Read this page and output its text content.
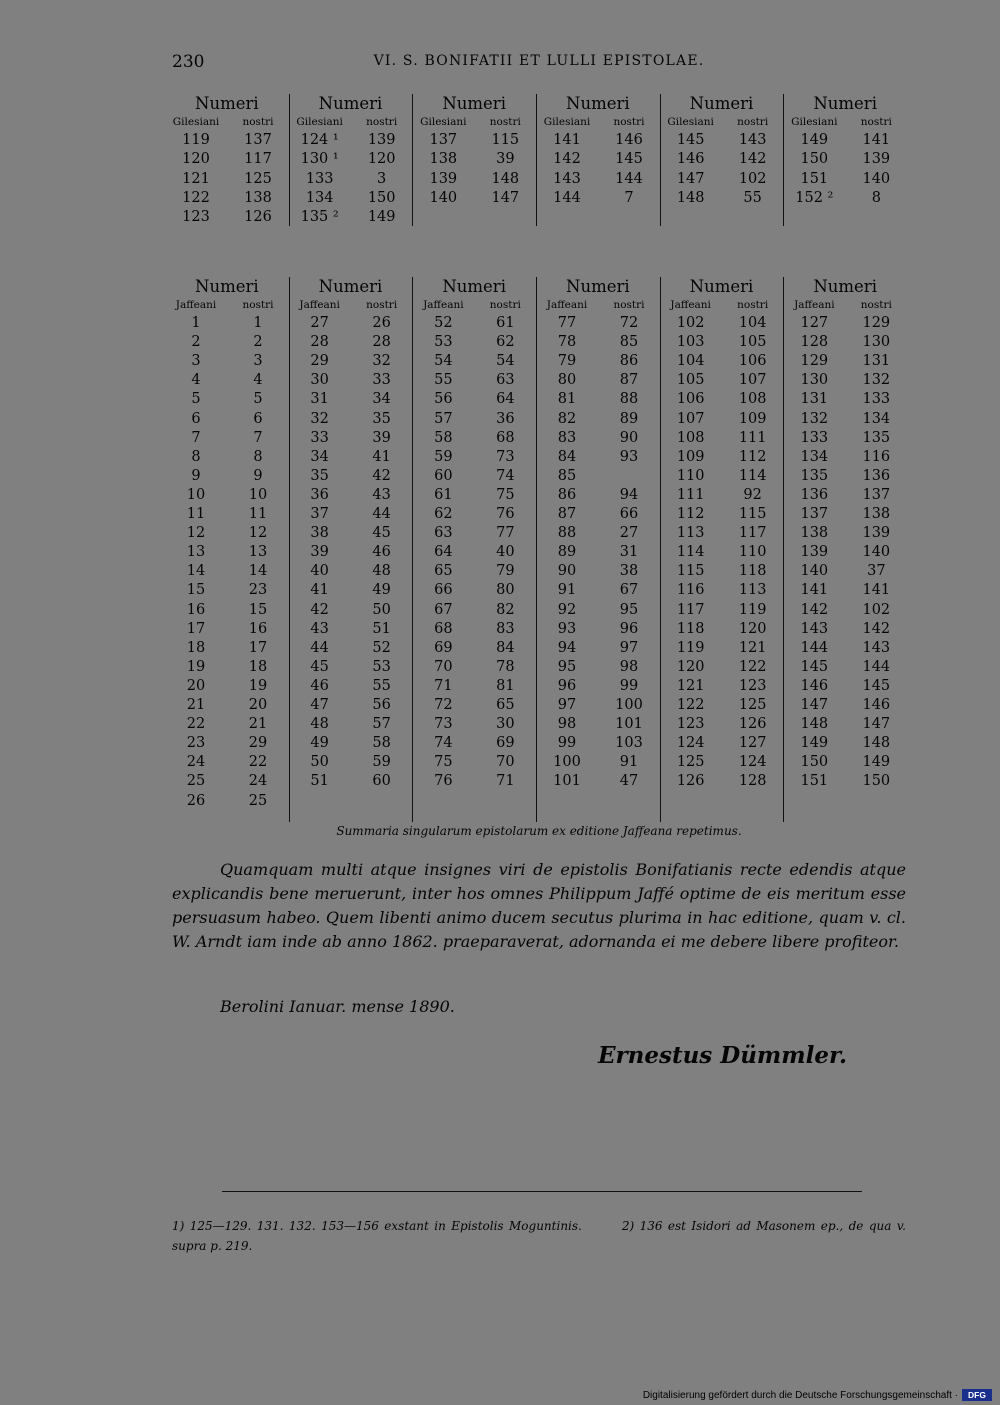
230	VI. S. BONIFATII ET LULLI EPISTOLAE.
Numeri
Gilesiani	nostri
119	137
120	117
121	125
122	138
123	126
Numeri
Gilesiani	nostri
124 ¹	139
130 ¹	120
133	3
134	150
135 ²	149
Numeri
Gilesiani	nostri
137	115
138	39
139	148
140	147
Numeri
Gilesiani	nostri
141	146
142	145
143	144
144	7
Numeri
Gilesiani	nostri
145	143
146	142
147	102
148	55
Numeri
Gilesiani	nostri
149	141
150	139
151	140
152 ²	8
Numeri
Jaffeani	nostri
1	1
2	2
3	3
4	4
5	5
6	6
7	7
8	8
9	9
10	10
11	11
12	12
13	13
14	14
15	23
16	15
17	16
18	17
19	18
20	19
21	20
22	21
23	29
24	22
25	24
26	25
Numeri
Jaffeani	nostri
27	26
28	28
29	32
30	33
31	34
32	35
33	39
34	41
35	42
36	43
37	44
38	45
39	46
40	48
41	49
42	50
43	51
44	52
45	53
46	55
47	56
48	57
49	58
50	59
51	60
Numeri
Jaffeani	nostri
52	61
53	62
54	54
55	63
56	64
57	36
58	68
59	73
60	74
61	75
62	76
63	77
64	40
65	79
66	80
67	82
68	83
69	84
70	78
71	81
72	65
73	30
74	69
75	70
76	71
Numeri
Jaffeani	nostri
77	72
78	85
79	86
80	87
81	88
82	89
83	90
84	93
85
86	94
87	66
88	27
89	31
90	38
91	67
92	95
93	96
94	97
95	98
96	99
97	100
98	101
99	103
100	91
101	47
Numeri
Jaffeani	nostri
102	104
103	105
104	106
105	107
106	108
107	109
108	111
109	112
110	114
111	92
112	115
113	117
114	110
115	118
116	113
117	119
118	120
119	121
120	122
121	123
122	125
123	126
124	127
125	124
126	128
Numeri
Jaffeani	nostri
127	129
128	130
129	131
130	132
131	133
132	134
133	135
134	116
135	136
136	137
137	138
138	139
139	140
140	37
141	141
142	102
143	142
144	143
145	144
146	145
147	146
148	147
149	148
150	149
151	150
Summaria singularum epistolarum ex editione Jaffeana repetimus.

Quamquam multi atque insignes viri de epistolis Bonifatianis recte edendis atque explicandis bene meruerunt, inter hos omnes Philippum Jaffé optime de eis meritum esse persuasum habeo. Quem libenti animo ducem secutus plurima in hac editione, quam v. cl. W. Arndt iam inde ab anno 1862. praeparaverat, adornanda ei me debere libere profiteor.

Berolini Ianuar. mense 1890.
Ernestus Dümmler.

1) 125—129. 131. 132. 153—156 exstant in Epistolis Moguntinis.	2) 136 est Isidori ad Masonem ep., de qua v. supra p. 219.

Digitalisierung gefördert durch die Deutsche Forschungsgemeinschaft ·	DFG
